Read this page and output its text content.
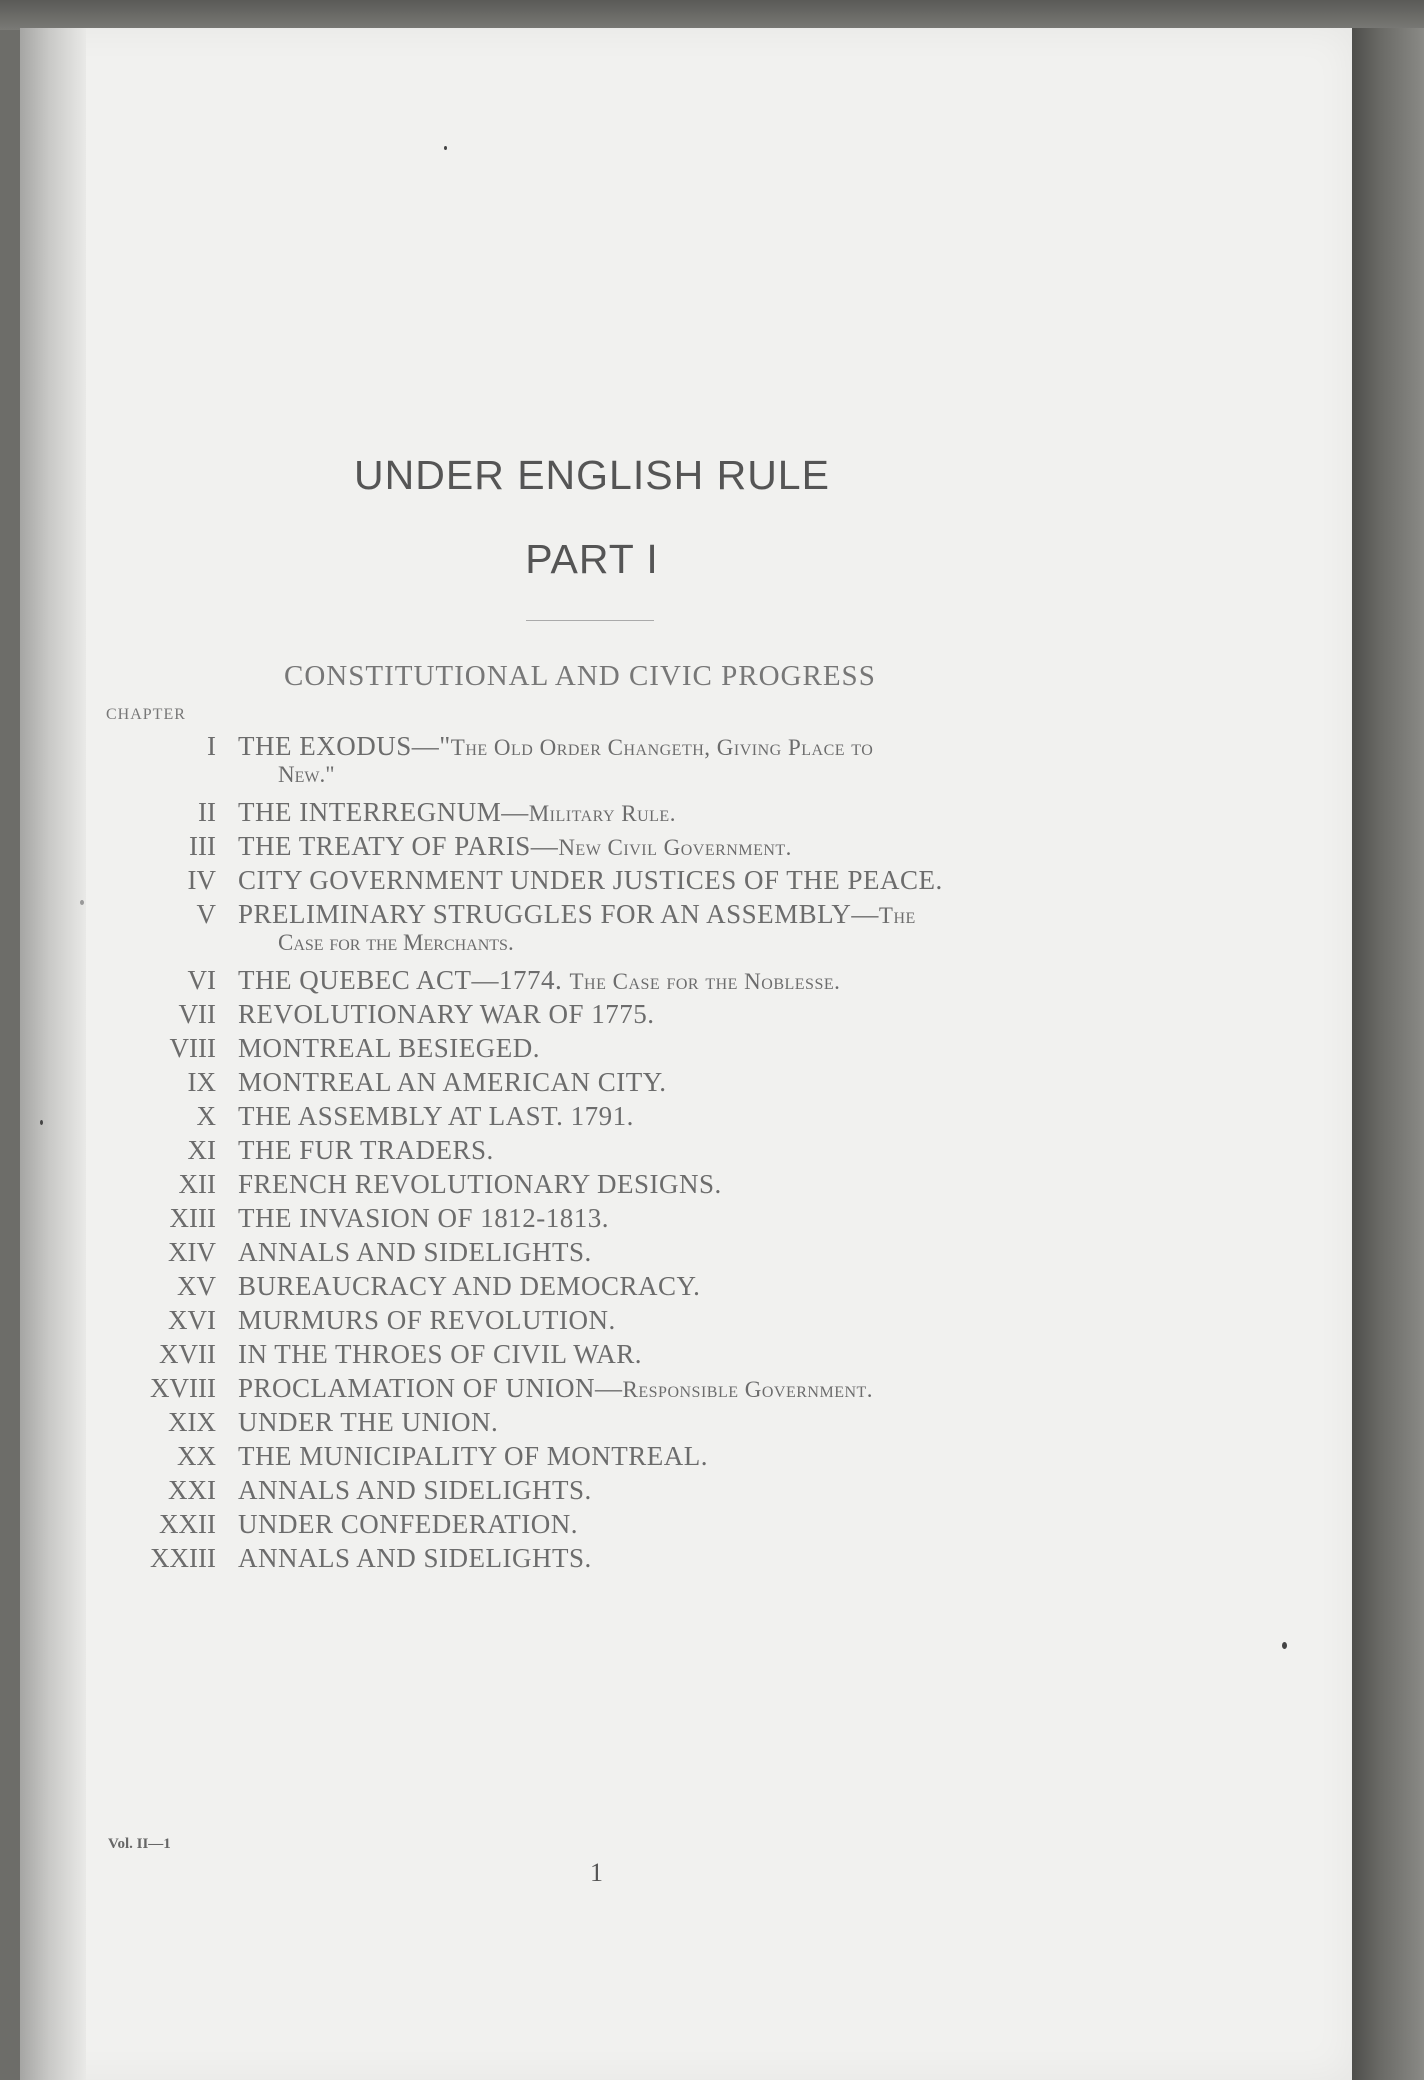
UNDER ENGLISH RULE
PART I
CONSTITUTIONAL AND CIVIC PROGRESS
CHAPTER
I THE EXODUS—"The Old Order Changeth, Giving Place to
New."
II THE INTERREGNUM—Military Rule.
III THE TREATY OF PARIS—New Civil Government.
IV CITY GOVERNMENT UNDER JUSTICES OF THE PEACE.
V PRELIMINARY STRUGGLES FOR AN ASSEMBLY—The
Case for the Merchants.
VI THE QUEBEC ACT—1774. The Case for the Noblesse.
VII REVOLUTIONARY WAR OF 1775.
VIII MONTREAL BESIEGED.
IX MONTREAL AN AMERICAN CITY.
X THE ASSEMBLY AT LAST. 1791.
XI THE FUR TRADERS.
XII FRENCH REVOLUTIONARY DESIGNS.
XIII THE INVASION OF 1812-1813.
XIV ANNALS AND SIDELIGHTS.
XV BUREAUCRACY AND DEMOCRACY.
XVI MURMURS OF REVOLUTION.
XVII IN THE THROES OF CIVIL WAR.
XVIII PROCLAMATION OF UNION—Responsible Government.
XIX UNDER THE UNION.
XX THE MUNICIPALITY OF MONTREAL.
XXI ANNALS AND SIDELIGHTS.
XXII UNDER CONFEDERATION.
XXIII ANNALS AND SIDELIGHTS.
Vol. II—1
1
